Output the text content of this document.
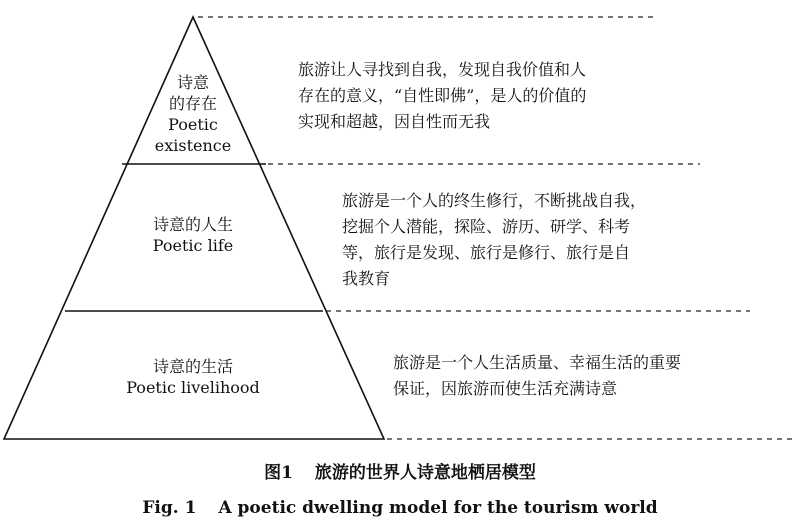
诗意
的存在
Poetic
existence
旅游让人寻找到自我，发现自我价值和人
存在的意义，“自性即佛”，是人的价值的
实现和超越，因自性而无我
诗意的人生
Poetic life
旅游是一个人的终生修行，不断挑战自我，
挖掘个人潜能，探险、游历、研学、科考
等，旅行是发现、旅行是修行、旅行是自
我教育
诗意的生活
Poetic livelihood
旅游是一个人生活质量、幸福生活的重要
保证，因旅游而使生活充满诗意
图1 旅游的世界人诗意地栖居模型
Fig. 1 A poetic dwelling model for the tourism world
